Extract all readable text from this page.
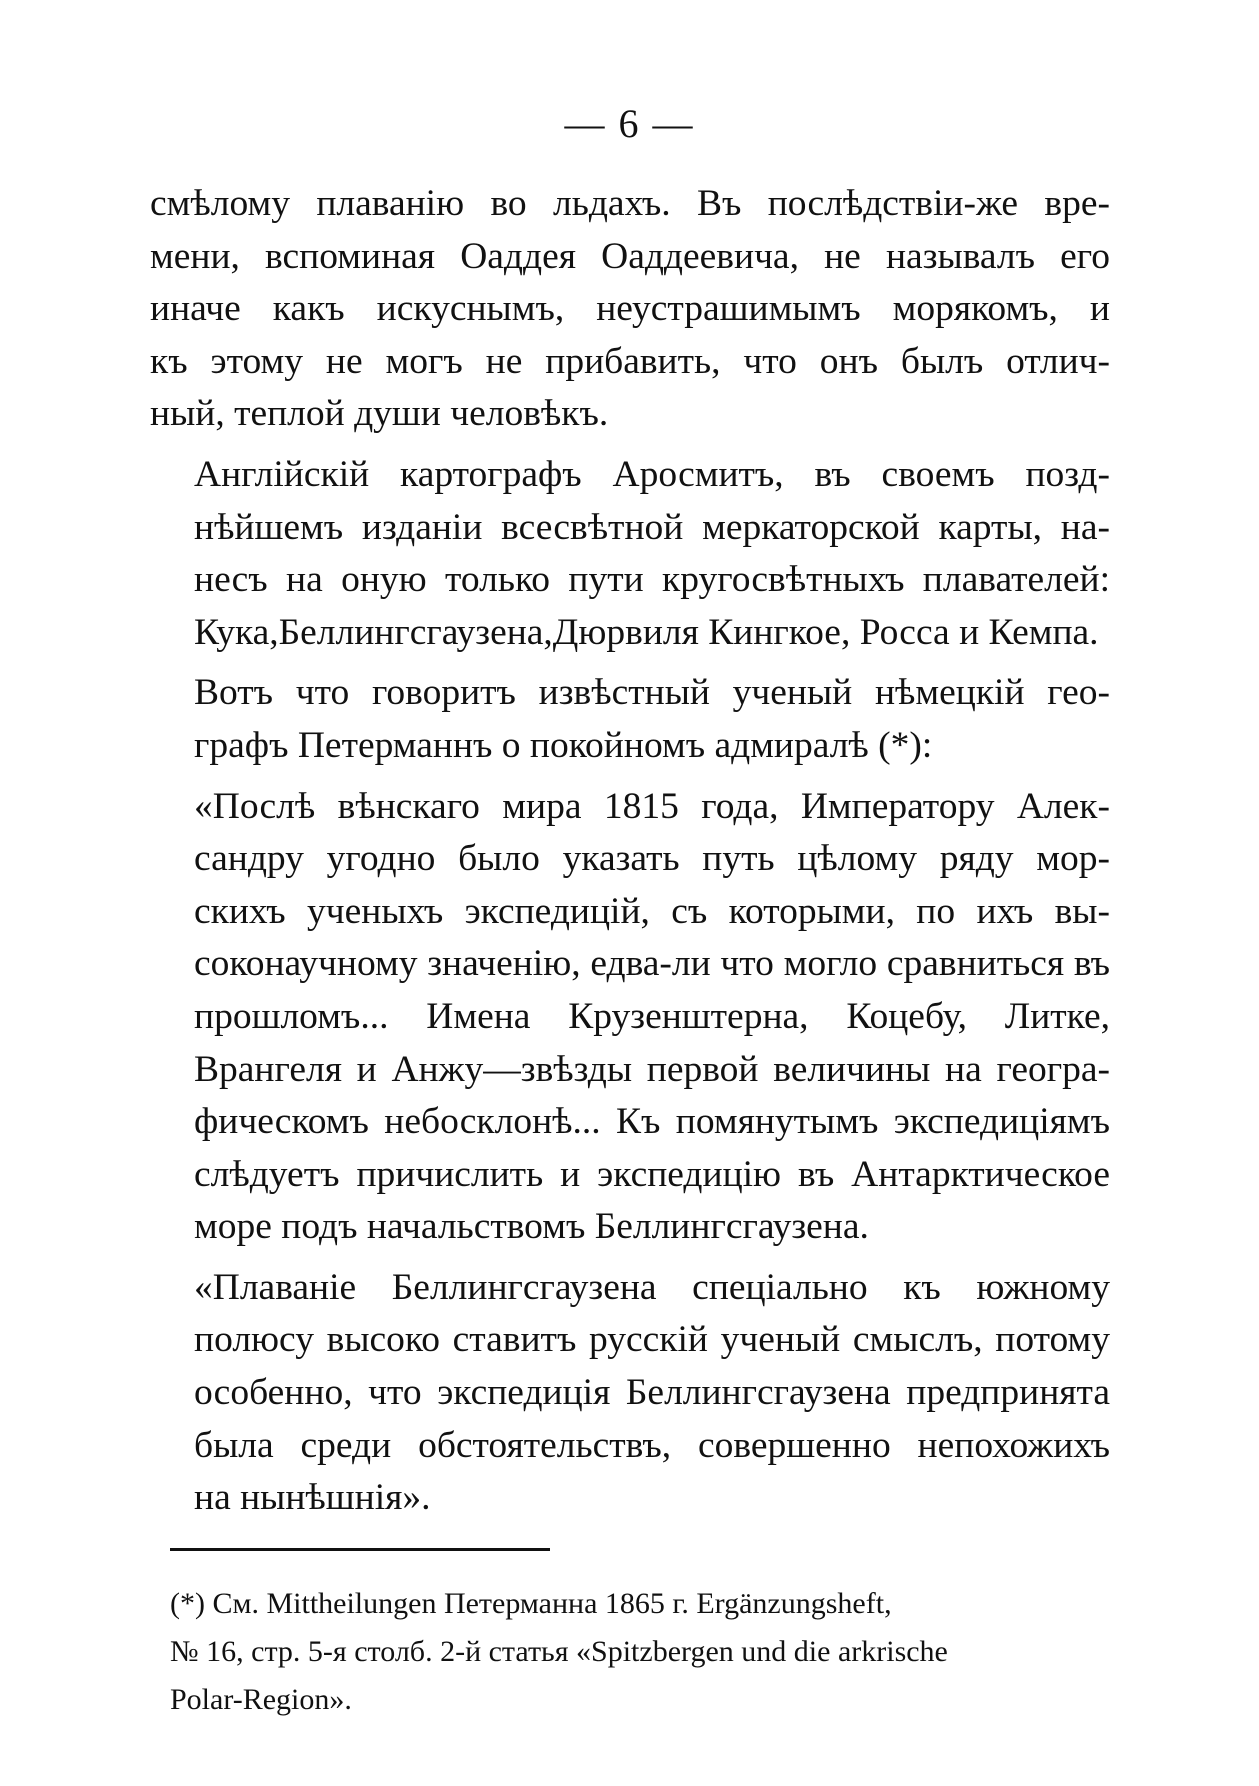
— 6 —

смѣлому плаванію во льдахъ. Въ послѣдствіи-же вре-
мени, вспоминая Оаддея Оаддеевича, не называлъ его
иначе какъ искуснымъ, неустрашимымъ морякомъ, и
къ этому не могъ не прибавить, что онъ былъ отлич-
ный, теплой души человѣкъ.

Англійскій картографъ Аросмитъ, въ своемъ позд-
нѣйшемъ изданіи всесвѣтной меркаторской карты, на-
несъ на оную только пути кругосвѣтныхъ плавателей:
Кука,Беллингсгаузена,Дюрвиля Кингкое, Росса и Кемпа.

Вотъ что говоритъ извѣстный ученый нѣмецкій гео-
графъ Петерманнъ о покойномъ адмиралѣ (*):

«Послѣ вѣнскаго мира 1815 года, Императору Алек-
сандру угодно было указать путь цѣлому ряду мор-
скихъ ученыхъ экспедицій, съ которыми, по ихъ вы-
соконаучному значенію, едва-ли что могло сравниться въ
прошломъ... Имена Крузенштерна, Коцебу, Литке,
Врангеля и Анжу—звѣзды первой величины на геогра-
фическомъ небосклонѣ... Къ помянутымъ экспедиціямъ
слѣдуетъ причислить и экспедицію въ Антарктическое
море подъ начальствомъ Беллингсгаузена.

«Плаваніе Беллингсгаузена спеціально къ южному
полюсу высоко ставитъ русскій ученый смыслъ, потому
особенно, что экспедиція Беллингсгаузена предпринята
была среди обстоятельствъ, совершенно непохожихъ
на нынѣшнія».

(*) См. Mittheilungen Петерманна 1865 г. Ergänzungsheft,
№ 16, стр. 5-я столб. 2-й статья «Spitzbergen und die arkrische
Polar-Region».
